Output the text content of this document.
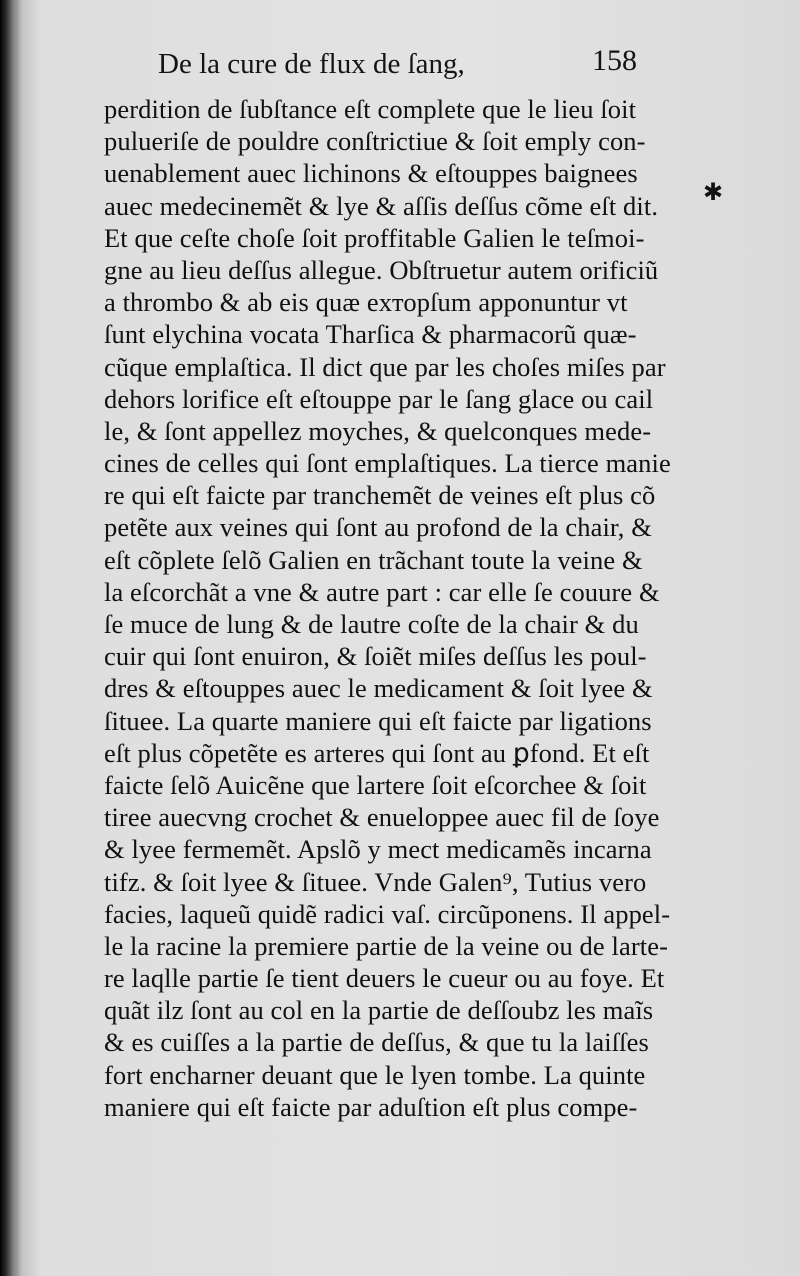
De la cure de flux de ſang,	158
✱
perdition de ſubſtance eſt complete que le lieu ſoit
pulueriſe de pouldre conſtrictiue & ſoit emply con-
uenablement auec lichinons & eſtouppes baignees
auec medecinemẽt & lye & aſſis deſſus cõme eſt dit.
Et que ceſte choſe ſoit proffitable Galien le teſmoi-
gne au lieu deſſus allegue. Obſtruetur autem orificiũ
a thrombo & ab eis quæ exторſum apponuntur vt
ſunt elychina vocata Tharſica & pharmacorũ quæ-
cũque emplaſtica. Il dict que par les choſes miſes par
dehors lorifice eſt eſtouppe par le ſang glace ou cail
le, & ſont appellez moyches, & quelconques mede-
cines de celles qui ſont emplaſtiques. La tierce manie
re qui eſt faicte par tranchemẽt de veines eſt plus cõ
petẽte aux veines qui ſont au profond de la chair, &
eſt cõplete ſelõ Galien en trãchant toute la veine &
la eſcorchãt a vne & autre part : car elle ſe couure &
ſe muce de lung & de lautre coſte de la chair & du
cuir qui ſont enuiron, & ſoiẽt miſes deſſus les poul-
dres & eſtouppes auec le medicament & ſoit lyee &
ſituee. La quarte maniere qui eſt faicte par ligations
eſt plus cõpetẽte es arteres qui ſont au ꝑfond. Et eſt
faicte ſelõ Auicẽne que lartere ſoit eſcorchee & ſoit
tiree auecvng crochet & enueloppee auec fil de ſoye
& lyee fermemẽt. Apslõ y mect medicamẽs incarna
tifz. & ſoit lyee & ſituee. Vnde Galen⁹, Tutius vero
facies, laqueũ quidẽ radici vaſ. circũponens. Il appel-
le la racine la premiere partie de la veine ou de larte-
re laqlle partie ſe tient deuers le cueur ou au foye. Et
quãt ilz ſont au col en la partie de deſſoubz les maĩs
& es cuiſſes a la partie de deſſus, & que tu la laiſſes
fort encharner deuant que le lyen tombe. La quinte
maniere qui eſt faicte par aduſtion eſt plus compe-
